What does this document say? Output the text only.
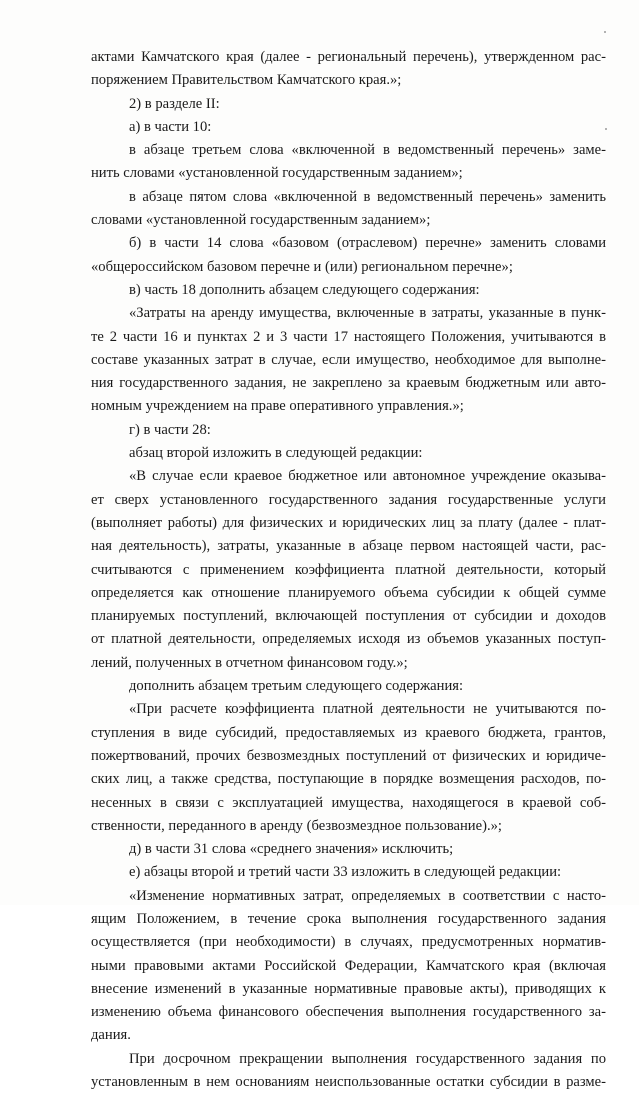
актами Камчатского края (далее - региональный перечень), утвержденном рас-
поряжением Правительством Камчатского края.»;
2) в разделе II:
а) в части 10:
в абзаце третьем слова «включенной в ведомственный перечень» заме-
нить словами «установленной государственным заданием»;
в абзаце пятом слова «включенной в ведомственный перечень» заменить
словами «установленной государственным заданием»;
б) в части 14 слова «базовом (отраслевом) перечне» заменить словами
«общероссийском базовом перечне и (или) региональном перечне»;
в) часть 18 дополнить абзацем следующего содержания:
«Затраты на аренду имущества, включенные в затраты, указанные в пунк-
те 2 части 16 и пунктах 2 и 3 части 17 настоящего Положения, учитываются в
составе указанных затрат в случае, если имущество, необходимое для выполне-
ния государственного задания, не закреплено за краевым бюджетным или авто-
номным учреждением на праве оперативного управления.»;
г) в части 28:
абзац второй изложить в следующей редакции:
«В случае если краевое бюджетное или автономное учреждение оказыва-
ет сверх установленного государственного задания государственные услуги
(выполняет работы) для физических и юридических лиц за плату (далее - плат-
ная деятельность), затраты, указанные в абзаце первом настоящей части, рас-
считываются с применением коэффициента платной деятельности, который
определяется как отношение планируемого объема субсидии к общей сумме
планируемых поступлений, включающей поступления от субсидии и доходов
от платной деятельности, определяемых исходя из объемов указанных поступ-
лений, полученных в отчетном финансовом году.»;
дополнить абзацем третьим следующего содержания:
«При расчете коэффициента платной деятельности не учитываются по-
ступления в виде субсидий, предоставляемых из краевого бюджета, грантов,
пожертвований, прочих безвозмездных поступлений от физических и юридиче-
ских лиц, а также средства, поступающие в порядке возмещения расходов, по-
несенных в связи с эксплуатацией имущества, находящегося в краевой соб-
ственности, переданного в аренду (безвозмездное пользование).»;
д) в части 31 слова «среднего значения» исключить;
е) абзацы второй и третий части 33 изложить в следующей редакции:
«Изменение нормативных затрат, определяемых в соответствии с насто-
ящим Положением, в течение срока выполнения государственного задания
осуществляется (при необходимости) в случаях, предусмотренных норматив-
ными правовыми актами Российской Федерации, Камчатского края (включая
внесение изменений в указанные нормативные правовые акты), приводящих к
изменению объема финансового обеспечения выполнения государственного за-
дания.
При досрочном прекращении выполнения государственного задания по
установленным в нем основаниям неиспользованные остатки субсидии в разме-
